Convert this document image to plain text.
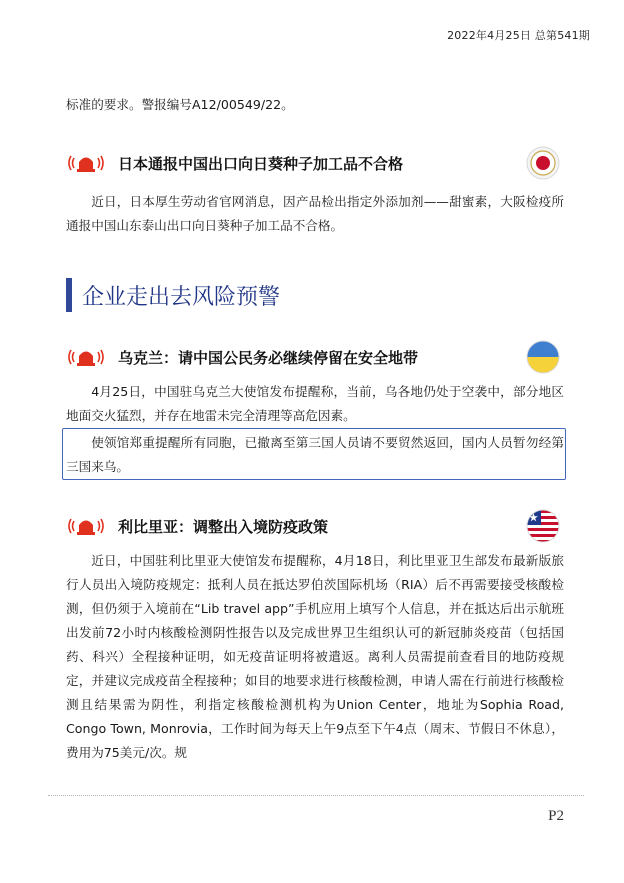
2022年4月25日 总第541期

标准的要求。警报编号A12/00549/22。

日本通报中国出口向日葵种子加工品不合格

近日，日本厚生劳动省官网消息，因产品检出指定外添加剂——甜蜜素，大阪检疫所通报中国山东泰山出口向日葵种子加工品不合格。

企业走出去风险预警
乌克兰：请中国公民务必继续停留在安全地带

4月25日，中国驻乌克兰大使馆发布提醒称，当前，乌各地仍处于空袭中，部分地区地面交火猛烈，并存在地雷未完全清理等高危因素。

使领馆郑重提醒所有同胞，已撤离至第三国人员请不要贸然返回，国内人员暂勿经第三国来乌。

利比里亚：调整出入境防疫政策

近日，中国驻利比里亚大使馆发布提醒称，4月18日，利比里亚卫生部发布最新版旅行人员出入境防疫规定：抵利人员在抵达罗伯茨国际机场（RIA）后不再需要接受核酸检测，但仍须于入境前在“Lib travel app”手机应用上填写个人信息，并在抵达后出示航班出发前72小时内核酸检测阴性报告以及完成世界卫生组织认可的新冠肺炎疫苗（包括国药、科兴）全程接种证明，如无疫苗证明将被遣返。离利人员需提前查看目的地防疫规定，并建议完成疫苗全程接种；如目的地要求进行核酸检测，申请人需在行前进行核酸检测且结果需为阴性，利指定核酸检测机构为Union Center，地址为Sophia Road, Congo Town, Monrovia，工作时间为每天上午9点至下午4点（周末、节假日不休息），费用为75美元/次。规

P2
